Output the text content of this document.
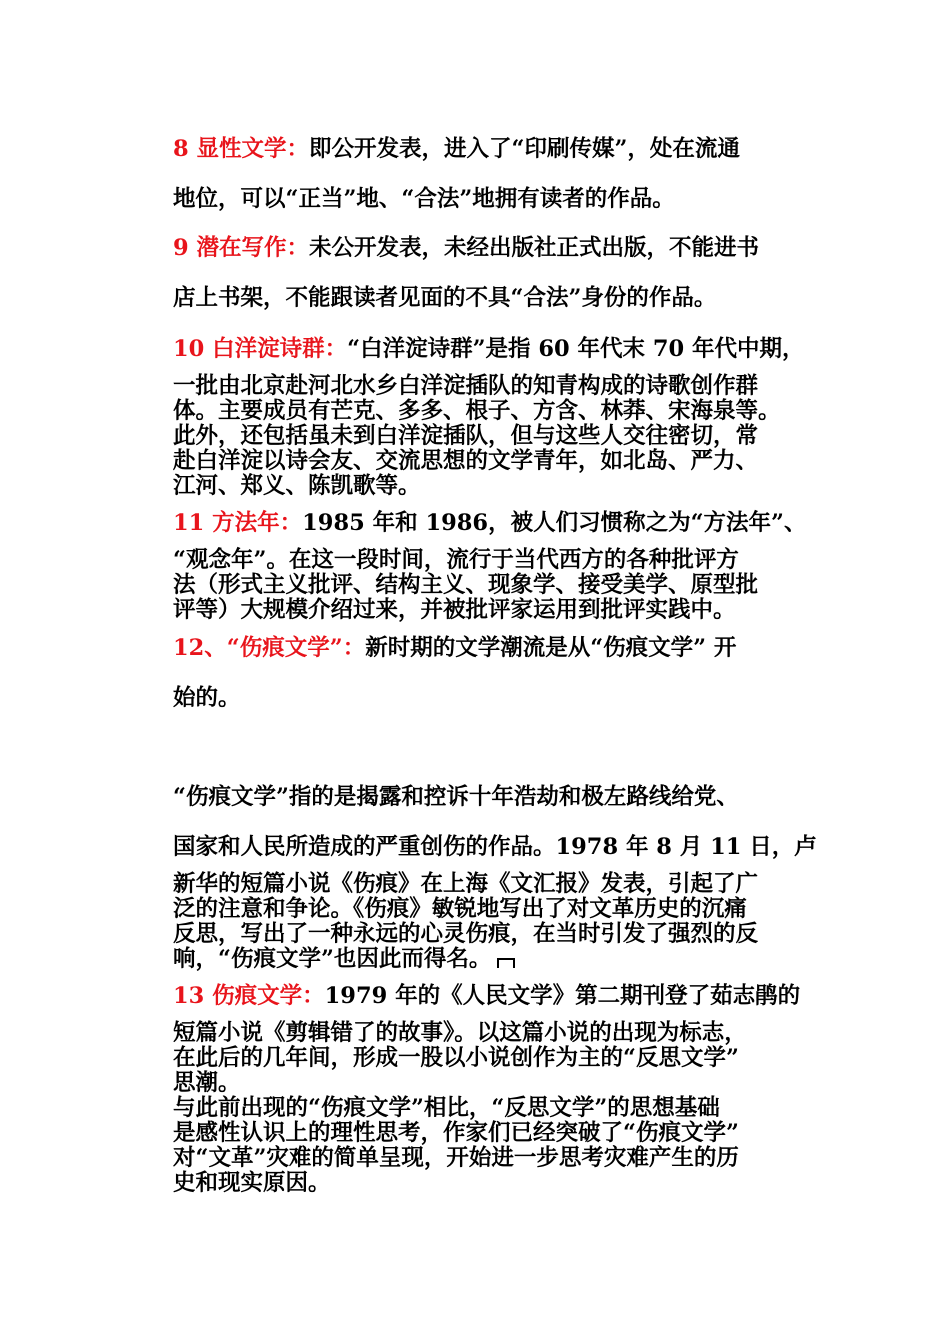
8 显性文学：即公开发表，进入了“印刷传媒”，处在流通
地位，可以“正当”地、“合法”地拥有读者的作品。
9 潜在写作：未公开发表，未经出版社正式出版，不能进书
店上书架，不能跟读者见面的不具“合法”身份的作品。
10 白洋淀诗群：“白洋淀诗群”是指 60 年代末 70 年代中期，
一批由北京赴河北水乡白洋淀插队的知青构成的诗歌创作群
体。主要成员有芒克、多多、根子、方含、林莽、宋海泉等。
此外，还包括虽未到白洋淀插队，但与这些人交往密切，常
赴白洋淀以诗会友、交流思想的文学青年，如北岛、严力、
江河、郑义、陈凯歌等。
11 方法年：1985 年和 1986，被人们习惯称之为“方法年”、
“观念年”。在这一段时间，流行于当代西方的各种批评方
法（形式主义批评、结构主义、现象学、接受美学、原型批
评等）大规模介绍过来，并被批评家运用到批评实践中。
12、“伤痕文学”：新时期的文学潮流是从“伤痕文学” 开
始的。
“伤痕文学”指的是揭露和控诉十年浩劫和极左路线给党、
国家和人民所造成的严重创伤的作品。1978 年 8 月 11 日，卢
新华的短篇小说《伤痕》在上海《文汇报》发表，引起了广
泛的注意和争论。《伤痕》敏锐地写出了对文革历史的沉痛
反思，写出了一种永远的心灵伤痕，在当时引发了强烈的反
响，“伤痕文学”也因此而得名。
13 伤痕文学：1979 年的《人民文学》第二期刊登了茹志鹃的
短篇小说《剪辑错了的故事》。以这篇小说的出现为标志，
在此后的几年间，形成一股以小说创作为主的“反思文学”
思潮。
与此前出现的“伤痕文学”相比，“反思文学”的思想基础
是感性认识上的理性思考，作家们已经突破了“伤痕文学”
对“文革”灾难的简单呈现，开始进一步思考灾难产生的历
史和现实原因。
